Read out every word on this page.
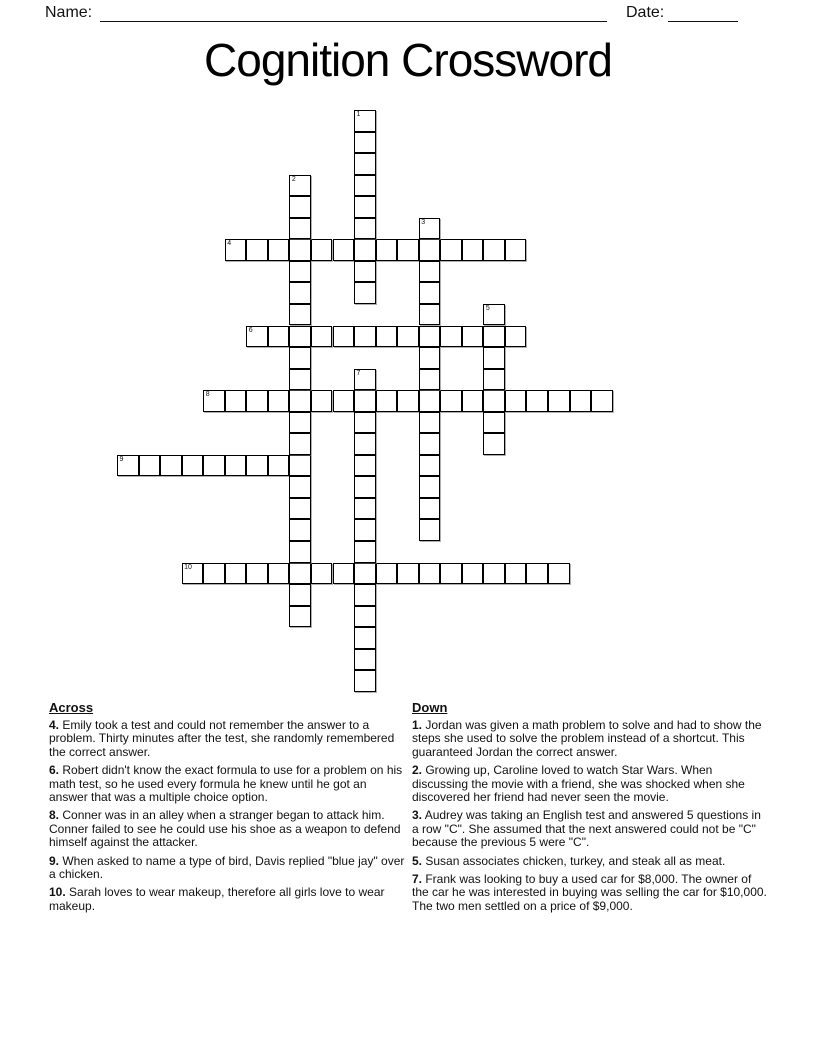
Name:	Date:
Cognition Crossword
4
6
8
9
10
1
2
3
5
7
Across

4. Emily took a test and could not remember the answer to a problem. Thirty minutes after the test, she randomly remembered the correct answer.

6. Robert didn't know the exact formula to use for a problem on his math test, so he used every formula he knew until he got an answer that was a multiple choice option.

8. Conner was in an alley when a stranger began to attack him. Conner failed to see he could use his shoe as a weapon to defend himself against the attacker.

9. When asked to name a type of bird, Davis replied "blue jay" over a chicken.

10. Sarah loves to wear makeup, therefore all girls love to wear makeup.

Down

1. Jordan was given a math problem to solve and had to show the steps she used to solve the problem instead of a shortcut. This guaranteed Jordan the correct answer.

2. Growing up, Caroline loved to watch Star Wars. When discussing the movie with a friend, she was shocked when she discovered her friend had never seen the movie.

3. Audrey was taking an English test and answered 5 questions in a row "C". She assumed that the next answered could not be "C" because the previous 5 were "C".

5. Susan associates chicken, turkey, and steak all as meat.

7. Frank was looking to buy a used car for $8,000. The owner of the car he was interested in buying was selling the car for $10,000. The two men settled on a price of $9,000.
